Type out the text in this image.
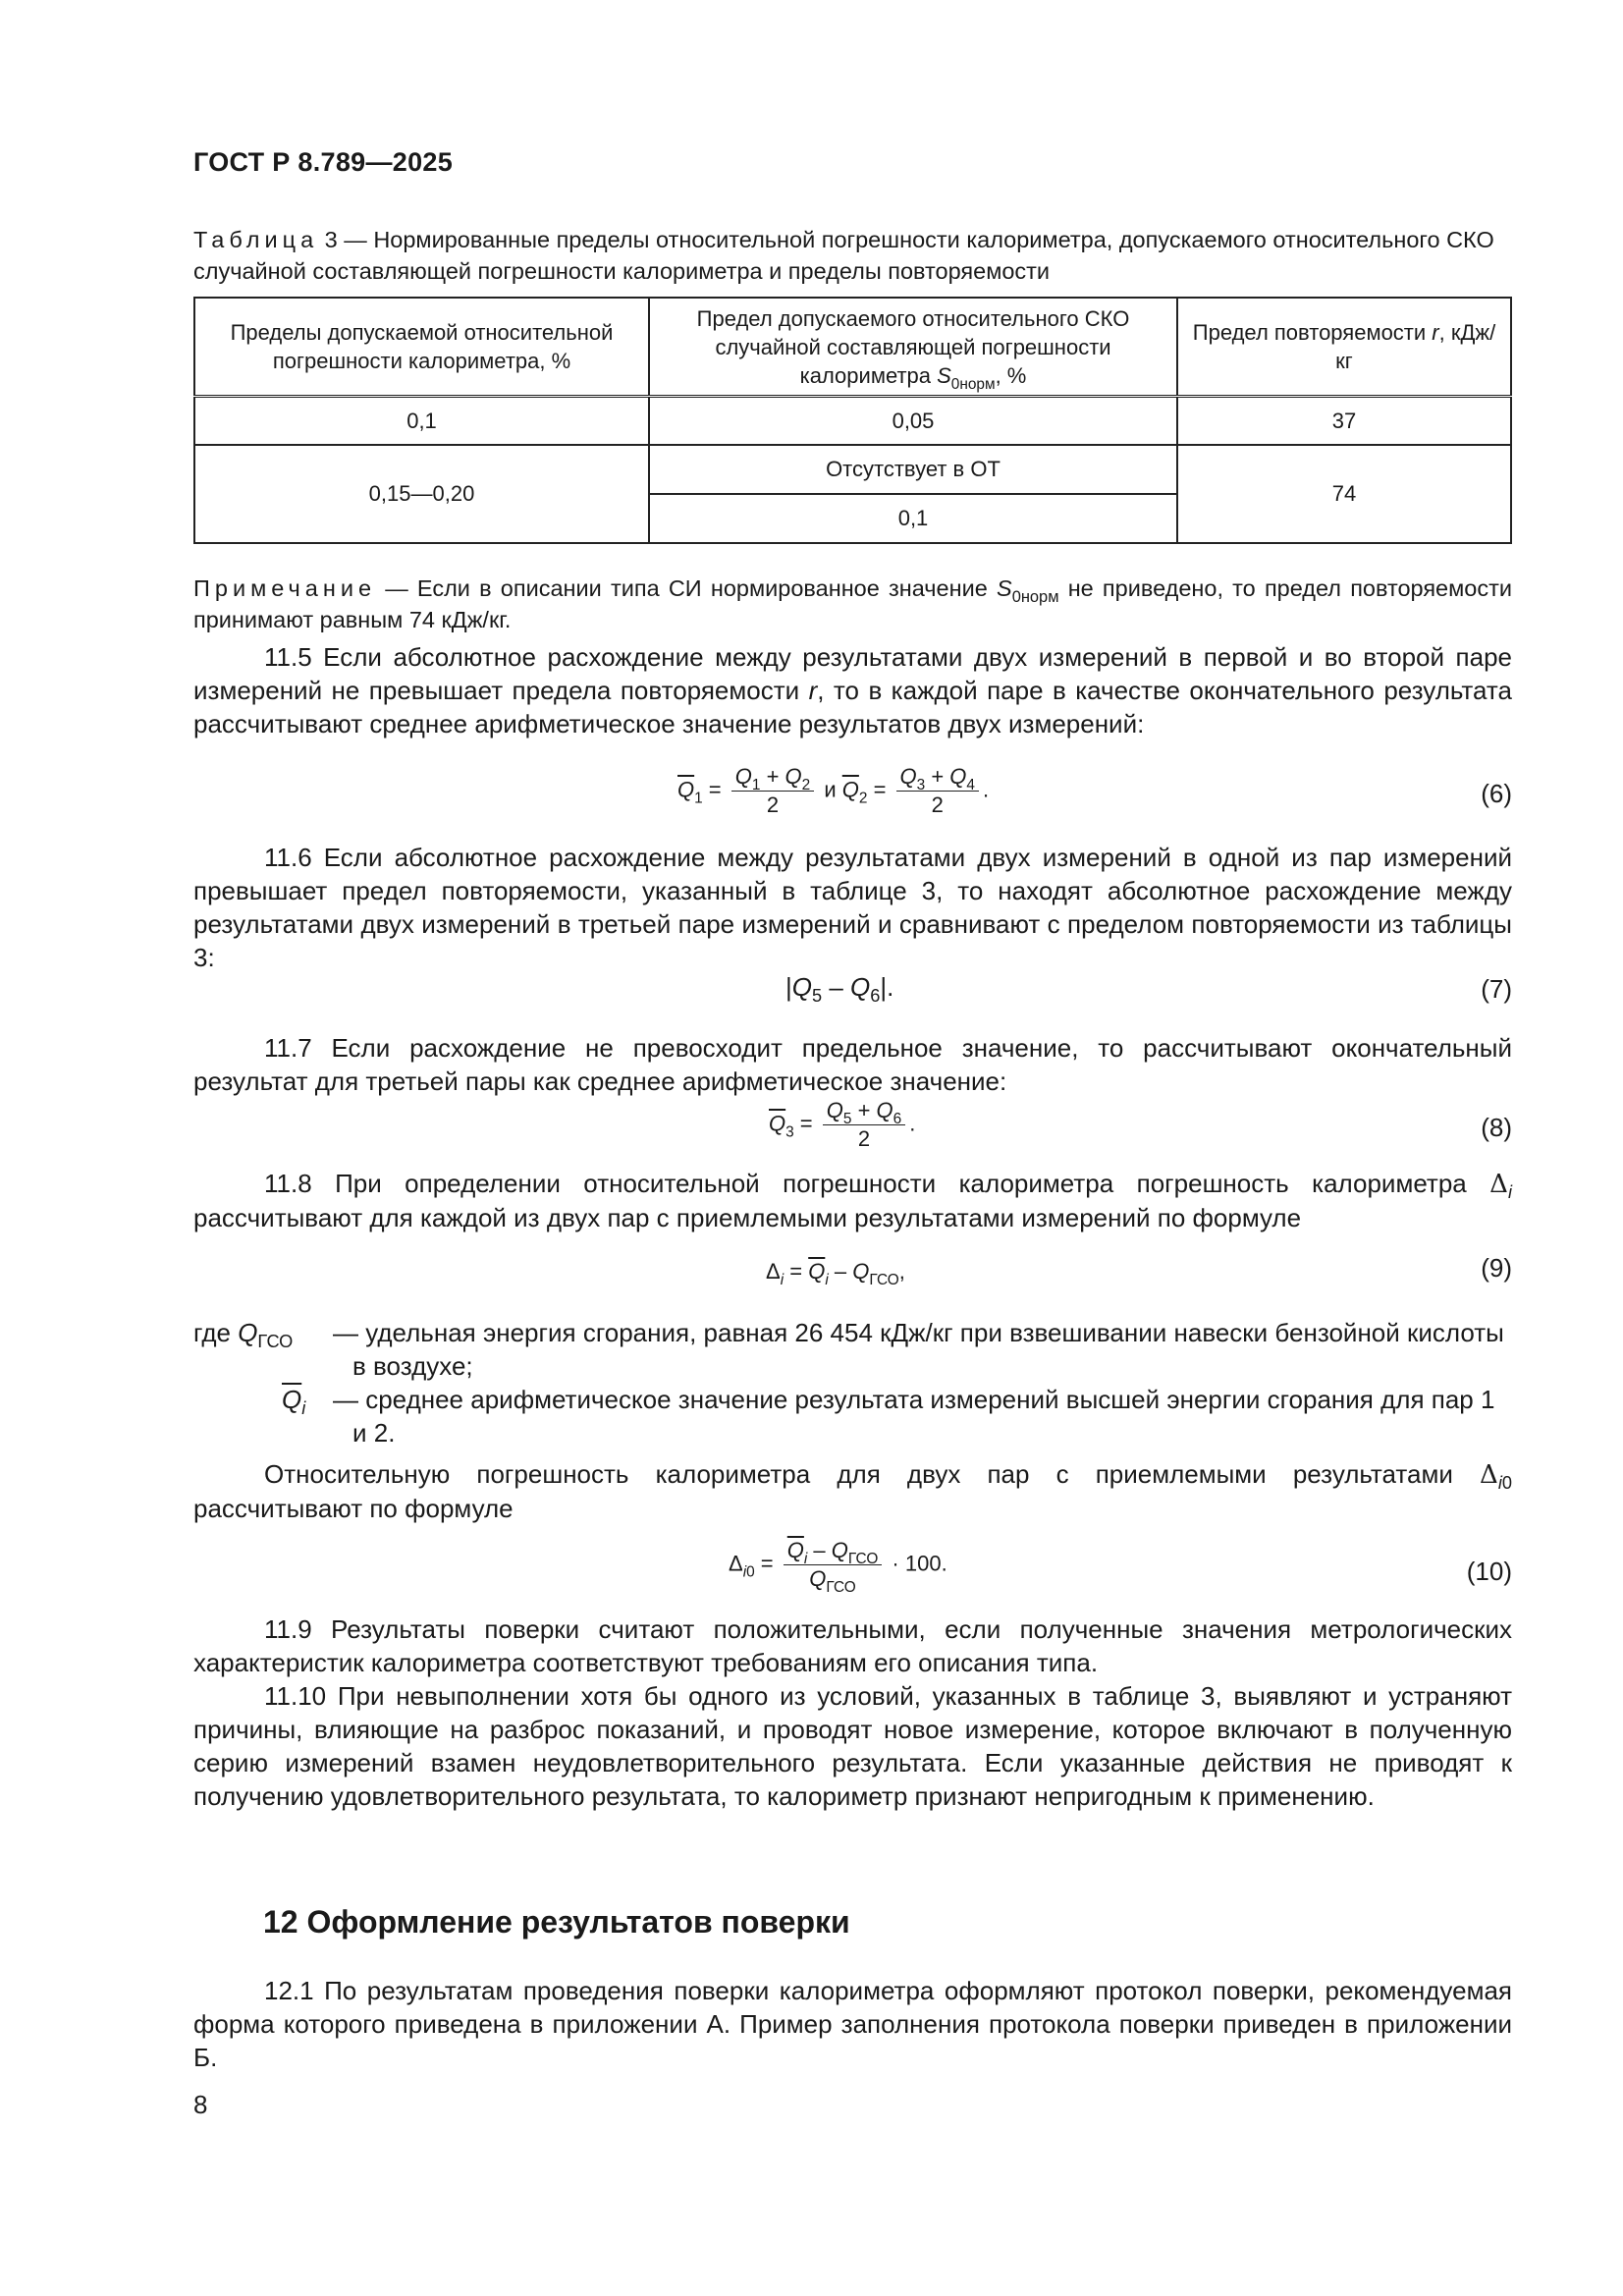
ГОСТ Р 8.789—2025
Таблица 3 — Нормированные пределы относительной погрешности калориметра, допускаемого относительного СКО случайной составляющей погрешности калориметра и пределы повторяемости
Пределы допускаемой относительной погрешности калориметра, %	Предел допускаемого относительного СКО случайной составляющей погрешности калориметра $S_{0норм}$, %	Предел повторяемости r, кДж/кг
0,1	0,05	37
0,15—0,20	Отсутствует в ОТ	74
	0,1	
Примечание — Если в описании типа СИ нормированное значение $S_{0норм}$ не приведено, то предел повторяемости принимают равным 74 кДж/кг.
11.5 Если абсолютное расхождение между результатами двух измерений в первой и во второй паре измерений не превышает предела повторяемости r, то в каждой паре в качестве окончательного результата рассчитывают среднее арифметическое значение результатов двух измерений:
$\overline{Q}_1 = \frac{Q_1 + Q_2}{2}$ и $\overline{Q}_2 = \frac{Q_3 + Q_4}{2}$ .	(6)
11.6 Если абсолютное расхождение между результатами двух измерений в одной из пар измерений превышает предел повторяемости, указанный в таблице 3, то находят абсолютное расхождение между результатами двух измерений в третьей паре измерений и сравнивают с пределом повторяемости из таблицы 3:
$|Q_5 - Q_6|$.	(7)
11.7 Если расхождение не превосходит предельное значение, то рассчитывают окончательный результат для третьей пары как среднее арифметическое значение:
$\overline{Q}_3 = \frac{Q_5 + Q_6}{2}$ .	(8)
11.8 При определении относительной погрешности калориметра погрешность калориметра $\Delta_i$ рассчитывают для каждой из двух пар с приемлемыми результатами измерений по формуле
$\Delta_i = \overline{Q}_i - Q_{ГСО}$,	(9)
где $Q_{ГСО}$ — удельная энергия сгорания, равная 26 454 кДж/кг при взвешивании навески бензойной кислоты в воздухе;
$\overline{Q}_i$ — среднее арифметическое значение результата измерений высшей энергии сгорания для пар 1 и 2.
Относительную погрешность калориметра для двух пар с приемлемыми результатами $\Delta_{i0}$ рассчитывают по формуле
$\Delta_{i0} = \frac{\overline{Q}_i - Q_{ГСО}}{Q_{ГСО}} \cdot 100$.	(10)
11.9 Результаты поверки считают положительными, если полученные значения метрологических характеристик калориметра соответствуют требованиям его описания типа.
11.10 При невыполнении хотя бы одного из условий, указанных в таблице 3, выявляют и устраняют причины, влияющие на разброс показаний, и проводят новое измерение, которое включают в полученную серию измерений взамен неудовлетворительного результата. Если указанные действия не приводят к получению удовлетворительного результата, то калориметр признают непригодным к применению.
12 Оформление результатов поверки
12.1 По результатам проведения поверки калориметра оформляют протокол поверки, рекомендуемая форма которого приведена в приложении А. Пример заполнения протокола поверки приведен в приложении Б.
8
